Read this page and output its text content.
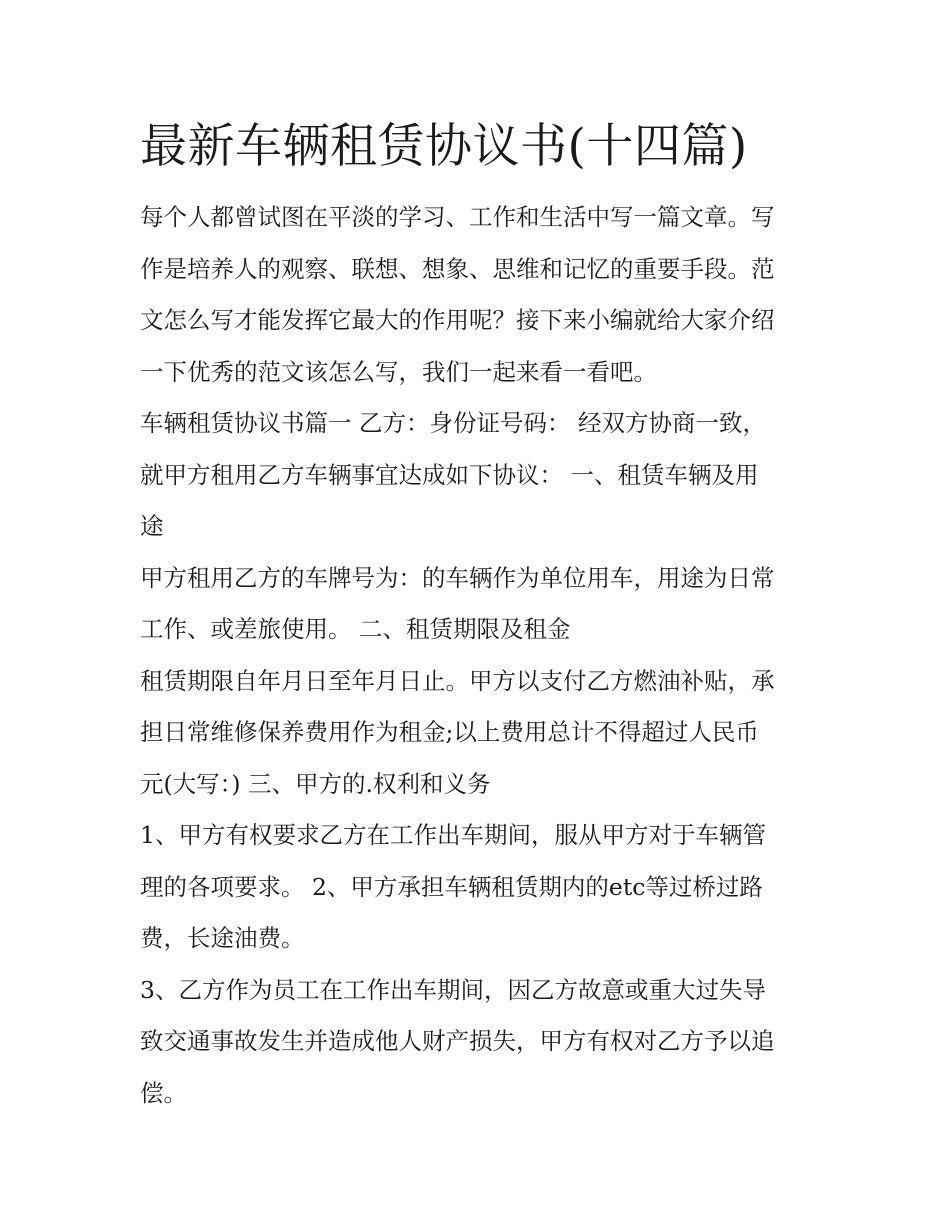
最新车辆租赁协议书(十四篇)

每个人都曾试图在平淡的学习、工作和生活中写一篇文章。写
作是培养人的观察、联想、想象、思维和记忆的重要手段。范
文怎么写才能发挥它最大的作用呢？接下来小编就给大家介绍
一下优秀的范文该怎么写，我们一起来看一看吧。

车辆租赁协议书篇一 乙方：身份证号码： 经双方协商一致，
就甲方租用乙方车辆事宜达成如下协议： 一、租赁车辆及用
途

甲方租用乙方的车牌号为：的车辆作为单位用车，用途为日常
工作、或差旅使用。 二、租赁期限及租金

租赁期限自年月日至年月日止。甲方以支付乙方燃油补贴，承
担日常维修保养费用作为租金;以上费用总计不得超过人民币
元(大写：) 三、甲方的.权利和义务

1、甲方有权要求乙方在工作出车期间，服从甲方对于车辆管
理的各项要求。 2、甲方承担车辆租赁期内的etc等过桥过路
费，长途油费。

3、乙方作为员工在工作出车期间，因乙方故意或重大过失导
致交通事故发生并造成他人财产损失，甲方有权对乙方予以追
偿。
